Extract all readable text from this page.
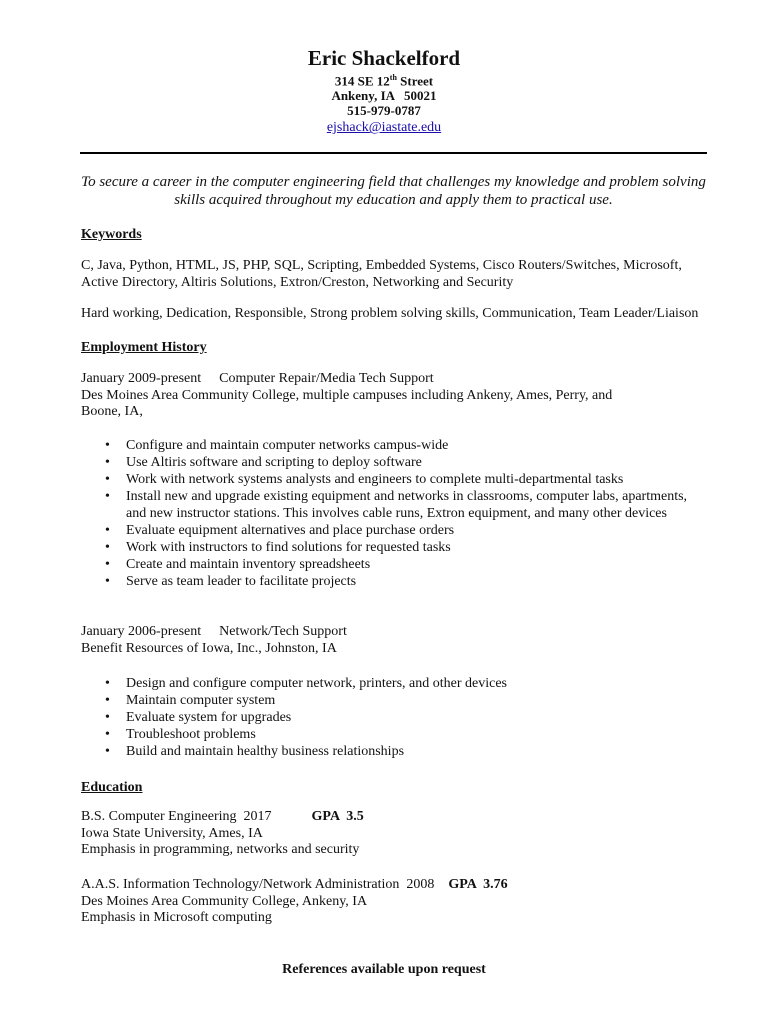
Eric Shackelford
314 SE 12th Street
Ankeny, IA   50021
515-979-0787
ejshack@iastate.edu
To secure a career in the computer engineering field that challenges my knowledge and problem solving skills acquired throughout my education and apply them to practical use.
Keywords
C, Java, Python, HTML, JS, PHP, SQL, Scripting, Embedded Systems, Cisco Routers/Switches, Microsoft, Active Directory, Altiris Solutions, Extron/Creston, Networking and Security
Hard working, Dedication, Responsible, Strong problem solving skills, Communication, Team Leader/Liaison
Employment History

January 2009-present Computer Repair/Media Tech Support

Des Moines Area Community College, multiple campuses including Ankeny, Ames, Perry, and Boone, IA,

• Configure and maintain computer networks campus-wide
• Use Altiris software and scripting to deploy software
• Work with network systems analysts and engineers to complete multi-departmental tasks
• Install new and upgrade existing equipment and networks in classrooms, computer labs, apartments, and new instructor stations. This involves cable runs, Extron equipment, and many other devices
• Evaluate equipment alternatives and place purchase orders
• Work with instructors to find solutions for requested tasks
• Create and maintain inventory spreadsheets
• Serve as team leader to facilitate projects

January 2006-present Network/Tech Support

Benefit Resources of Iowa, Inc., Johnston, IA

• Design and configure computer network, printers, and other devices
• Maintain computer system
• Evaluate system for upgrades
• Troubleshoot problems
• Build and maintain healthy business relationships
Education

B.S. Computer Engineering  2017	GPA  3.5

Iowa State University, Ames, IA

Emphasis in programming, networks and security

A.A.S. Information Technology/Network Administration  2008 GPA  3.76

Des Moines Area Community College, Ankeny, IA

Emphasis in Microsoft computing

References available upon request
